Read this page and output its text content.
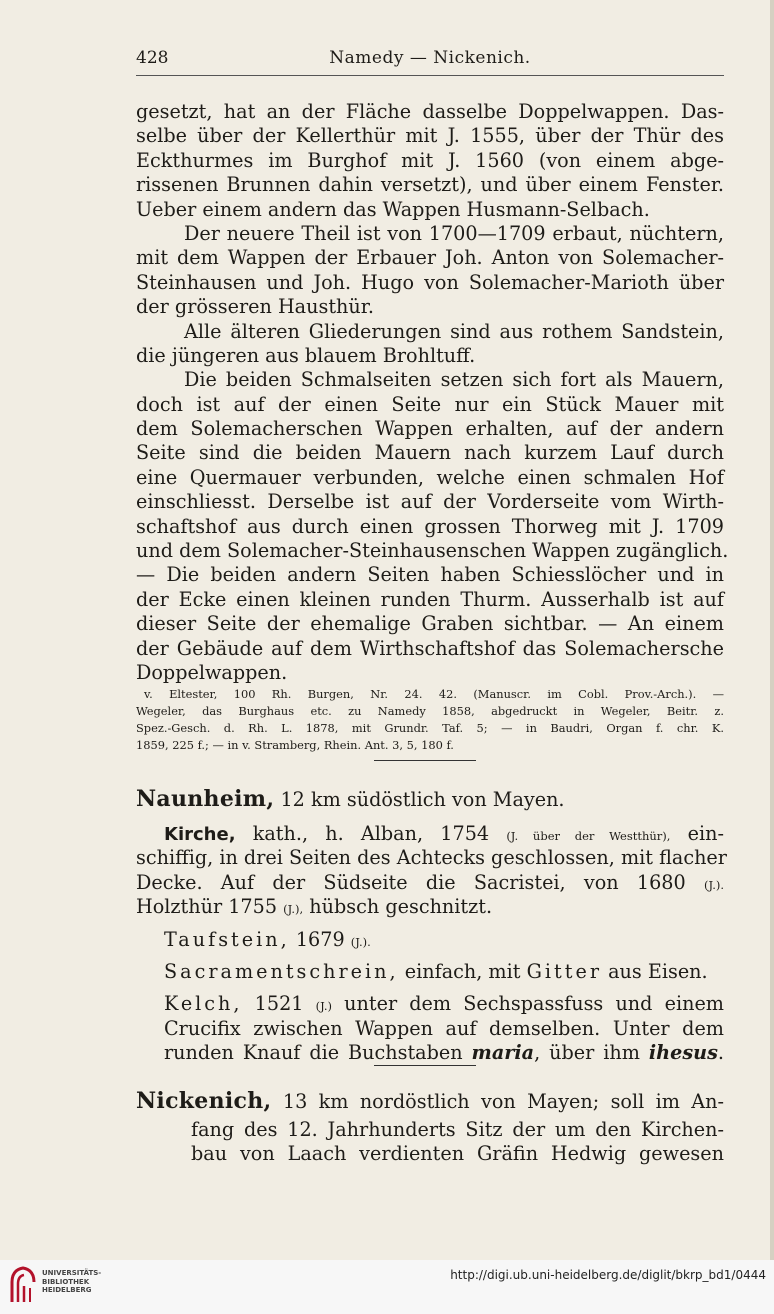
428	Namedy — Nickenich.
gesetzt, hat an der Fläche dasselbe Doppelwappen. Das-
selbe über der Kellerthür mit J. 1555, über der Thür des
Eckthurmes im Burghof mit J. 1560 (von einem abge-
rissenen Brunnen dahin versetzt), und über einem Fenster.
Ueber einem andern das Wappen Husmann-Selbach.
Der neuere Theil ist von 1700—1709 erbaut, nüchtern,
mit dem Wappen der Erbauer Joh. Anton von Solemacher-
Steinhausen und Joh. Hugo von Solemacher-Marioth über
der grösseren Hausthür.
Alle älteren Gliederungen sind aus rothem Sandstein,
die jüngeren aus blauem Brohltuff.
Die beiden Schmalseiten setzen sich fort als Mauern,
doch ist auf der einen Seite nur ein Stück Mauer mit
dem Solemacherschen Wappen erhalten, auf der andern
Seite sind die beiden Mauern nach kurzem Lauf durch
eine Quermauer verbunden, welche einen schmalen Hof
einschliesst. Derselbe ist auf der Vorderseite vom Wirth-
schaftshof aus durch einen grossen Thorweg mit J. 1709
und dem Solemacher-Steinhausenschen Wappen zugänglich.
— Die beiden andern Seiten haben Schiesslöcher und in
der Ecke einen kleinen runden Thurm. Ausserhalb ist auf
dieser Seite der ehemalige Graben sichtbar. — An einem
der Gebäude auf dem Wirthschaftshof das Solemachersche
Doppelwappen.
v. Eltester, 100 Rh. Burgen, Nr. 24. 42. (Manuscr. im Cobl. Prov.-Arch.). —
Wegeler, das Burghaus etc. zu Namedy 1858, abgedruckt in Wegeler, Beitr. z.
Spez.-Gesch. d. Rh. L. 1878, mit Grundr. Taf. 5; — in Baudri, Organ f. chr. K.
1859, 225 f.; — in v. Stramberg, Rhein. Ant. 3, 5, 180 f.
Naunheim, 12 km südöstlich von Mayen.
Kirche, kath., h. Alban, 1754 (J. über der Westthür), ein-
schiffig, in drei Seiten des Achtecks geschlossen, mit flacher
Decke. Auf der Südseite die Sacristei, von 1680 (J.).
Holzthür 1755 (J.), hübsch geschnitzt.
Taufstein, 1679 (J.).
Sacramentschrein, einfach, mit Gitter aus Eisen.
Kelch, 1521 (J.) unter dem Sechspassfuss und einem
Crucifix zwischen Wappen auf demselben. Unter dem
runden Knauf die Buchstaben maria, über ihm ihesus.
Nickenich, 13 km nordöstlich von Mayen; soll im An-
fang des 12. Jahrhunderts Sitz der um den Kirchen-
bau von Laach verdienten Gräfin Hedwig gewesen
UNIVERSITÄTS-
BIBLIOTHEK
HEIDELBERG
http://digi.ub.uni-heidelberg.de/diglit/bkrp_bd1/0444
